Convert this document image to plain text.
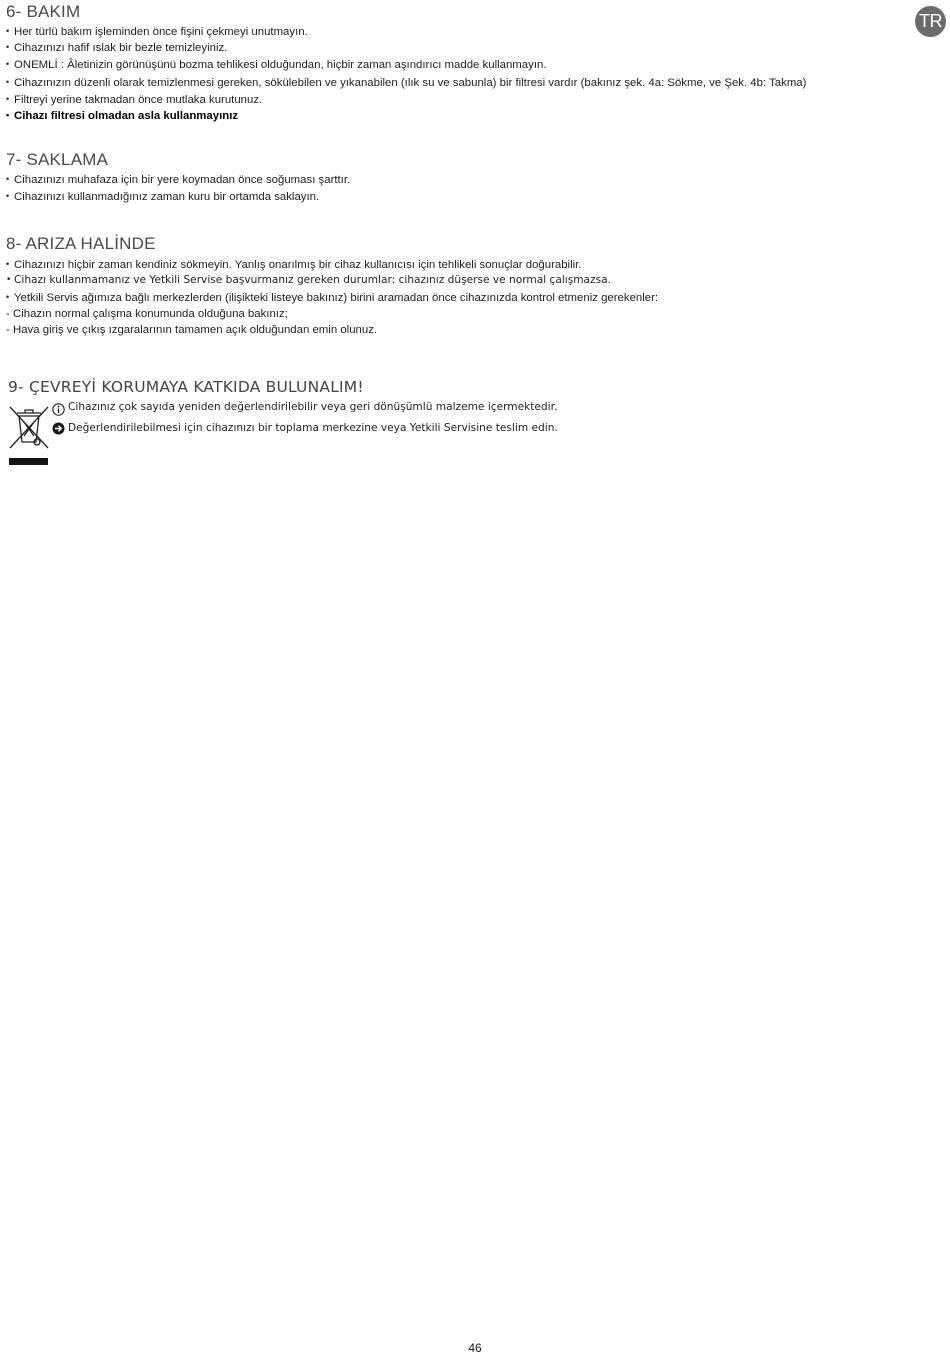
TR
6- BAKIM
• Her türlü bakım işleminden önce fişini çekmeyi unutmayın.
• Cihazınızı hafif ıslak bir bezle temizleyiniz.
• ONEMLİ : Âletinizin görünüşünü bozma tehlikesi olduğundan, hiçbir zaman aşındırıcı madde kullanmayın.
• Cihazınızın düzenli olarak temizlenmesi gereken, sökülebilen ve yıkanabilen (ılık su ve sabunla) bir filtresi vardır (bakınız şek. 4a: Sökme, ve Şek. 4b: Takma)
• Filtreyi yerine takmadan önce mutlaka kurutunuz.
• Cihazı filtresi olmadan asla kullanmayınız
7- SAKLAMA
• Cihazınızı muhafaza için bir yere koymadan önce soğuması şarttır.
• Cihazınızı kullanmadığınız zaman kuru bir ortamda saklayın.
8- ARIZA HALİNDE
• Cihazınızı hiçbir zaman kendiniz sökmeyin. Yanlış onarılmış bir cihaz kullanıcısı için tehlikeli sonuçlar doğurabilir.
• Cihazı kullanmamanız ve Yetkili Servise başvurmanız gereken durumlar: cihazınız düşerse ve normal çalışmazsa.
• Yetkili Servis ağımıza bağlı merkezlerden (ilişikteki listeye bakınız) birini aramadan önce cihazınızda kontrol etmeniz gerekenler:
- Cihazın normal çalışma konumunda olduğuna bakınız;
- Hava giriş ve çıkış ızgaralarının tamamen açık olduğundan emin olunuz.
9- ÇEVREYİ KORUMAYA KATKIDA BULUNALIM!
Cihazınız çok sayıda yeniden değerlendirilebilir veya geri dönüşümlü malzeme içermektedir.
Değerlendirilebilmesi için cihazınızı bir toplama merkezine veya Yetkili Servisine teslim edin.
46
